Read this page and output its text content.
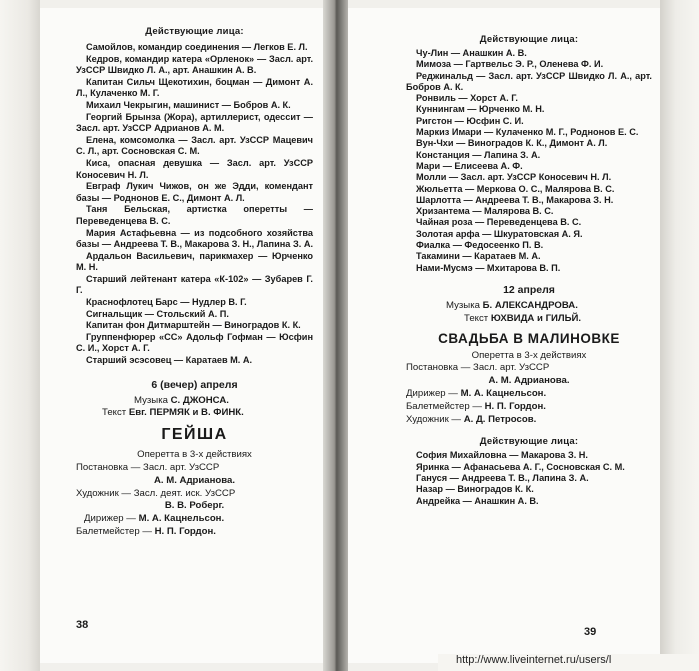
Действующие лица:
Самойлов, командир соединения — Легков Е. Л.
Кедров, командир катера «Орленок» — Засл. арт. УзССР Швидко Л. А., арт. Анашкин А. В.
Капитан Сильч Щекотихин, боцман — Димонт А. Л., Кулаченко М. Г.
Михаил Чекрыгин, машинист — Бобров А. К.
Георгий Брынза (Жора), артиллерист, одессит — Засл. арт. УзССР Адрианов А. М.
Елена, комсомолка — Засл. арт. УзССР Мацевич С. Л., арт. Сосновская С. М.
Киса, опасная девушка — Засл. арт. УзССР Коносевич Н. Л.
Евграф Лукич Чижов, он же Эдди, комендант базы — Роднонов Е. С., Димонт А. Л.
Таня Бельская, артистка оперетты — Переведенцева В. С.
Мария Астафьевна — из подсобного хозяйства базы — Андреева Т. В., Макарова З. Н., Лапина З. А.
Ардальон Васильевич, парикмахер — Юрченко М. Н.
Старший лейтенант катера «К-102» — Зубарев Г. Г.
Краснофлотец Барс — Нудлер В. Г.
Сигнальщик — Стольский А. П.
Капитан фон Дитмарштейн — Виноградов К. К.
Группенфюрер «СС» Адольф Гофман — Юсфин С. И., Хорст А. Г.
Старший эсэсовец — Каратаев М. А.
6 (вечер) апреля
Музыка С. ДЖОНСА.
Текст Евг. ПЕРМЯК и В. ФИНК.
ГЕЙША
Оперетта в 3-х действиях
Постановка — Засл. арт. УзССР
А. М. Адрианова.
Художник — Засл. деят. иск. УзССР
В. В. Роберг.
Дирижер — М. А. Кацнельсон.
Балетмейстер — Н. П. Гордон.
38
Действующие лица:
Чу-Лин — Анашкин А. В.
Мимоза — Гартвельс Э. Р., Оленева Ф. И.
Реджинальд — Засл. арт. УзССР Швидко Л. А., арт. Бобров А. К.
Ронвиль — Хорст А. Г.
Куннингам — Юрченко М. Н.
Ригстон — Юсфин С. И.
Маркиз Имари — Кулаченко М. Г., Роднонов Е. С.
Вун-Чхи — Виноградов К. К., Димонт А. Л.
Констанция — Лапина З. А.
Мари — Елисеева А. Ф.
Молли — Засл. арт. УзССР Коносевич Н. Л.
Жюльетта — Меркова О. С., Малярова В. С.
Шарлотта — Андреева Т. В., Макарова З. Н.
Хризантема — Малярова В. С.
Чайная роза — Переведенцева В. С.
Золотая арфа — Шкуратовская А. Я.
Фиалка — Федосеенко П. В.
Такамини — Каратаев М. А.
Нами-Мусмэ — Мхитарова В. П.
12 апреля
Музыка Б. АЛЕКСАНДРОВА.
Текст ЮХВИДА и ГИЛЬЙ.
СВАДЬБА В МАЛИНОВКЕ
Оперетта в 3-х действиях
Постановка — Засл. арт. УзССР
А. М. Адрианова.
Дирижер — М. А. Кацнельсон.
Балетмейстер — Н. П. Гордон.
Художник — А. Д. Петросов.
Действующие лица:
София Михайловна — Макарова З. Н.
Яринка — Афанасьева А. Г., Сосновская С. М.
Гануся — Андреева Т. В., Лапина З. А.
Назар — Виноградов К. К.
Андрейка — Анашкин А. В.
39
http://www.liveinternet.ru/users/l
